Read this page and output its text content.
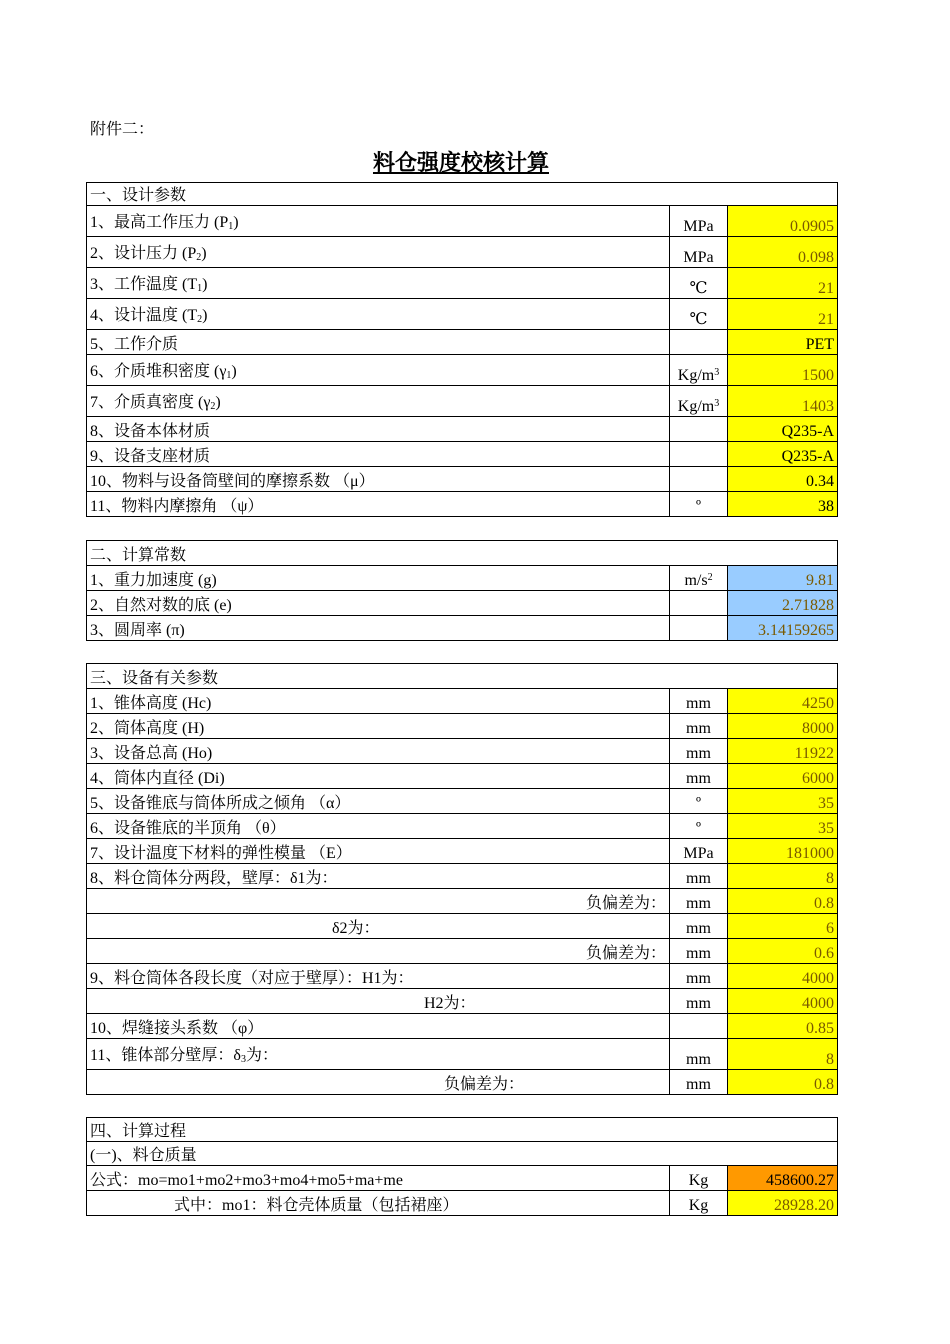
附件二：
料仓强度校核计算
一、设计参数		
1、最高工作压力 $(P_1)$	MPa	0.0905
2、设计压力 $(P_2)$	MPa	0.098
3、工作温度 $(T_1)$	℃	21
4、设计温度 $(T_2)$	℃	21
5、工作介质		PET
6、介质堆积密度 $(\gamma_1)$	$Kg/m^3$	1500
7、介质真密度 $(\gamma_2)$	$Kg/m^3$	1403
8、设备本体材质		Q235-A
9、设备支座材质		Q235-A
10、物料与设备筒壁间的摩擦系数 （μ）		0.34
11、物料内摩擦角 （ψ）	º	38
二、计算常数		
1、重力加速度 (g)	$m/s^2$	9.81
2、自然对数的底 (e)		2.71828
3、圆周率 (π)		3.14159265
三、设备有关参数		
1、锥体高度 (Hc)	mm	4250
2、筒体高度 (H)	mm	8000
3、设备总高 (Ho)	mm	11922
4、筒体内直径 (Di)	mm	6000
5、设备锥底与筒体所成之倾角 （α）	º	35
6、设备锥底的半顶角 （θ）	º	35
7、设计温度下材料的弹性模量 （E）	MPa	181000
8、料仓筒体分两段，壁厚：δ1为：	mm	8
负偏差为：	mm	0.8
δ2为：	mm	6
负偏差为：	mm	0.6
9、料仓筒体各段长度（对应于壁厚）：H1为：	mm	4000
H2为：	mm	4000
10、焊缝接头系数 （φ）		0.85
11、锥体部分壁厚：$\delta_3$为：	mm	8
负偏差为：	mm	0.8
四、计算过程		
(一)、料仓质量		
公式：mo=mo1+mo2+mo3+mo4+mo5+ma+me	Kg	458600.27
式中：mo1：料仓壳体质量（包括裙座）	Kg	28928.20
